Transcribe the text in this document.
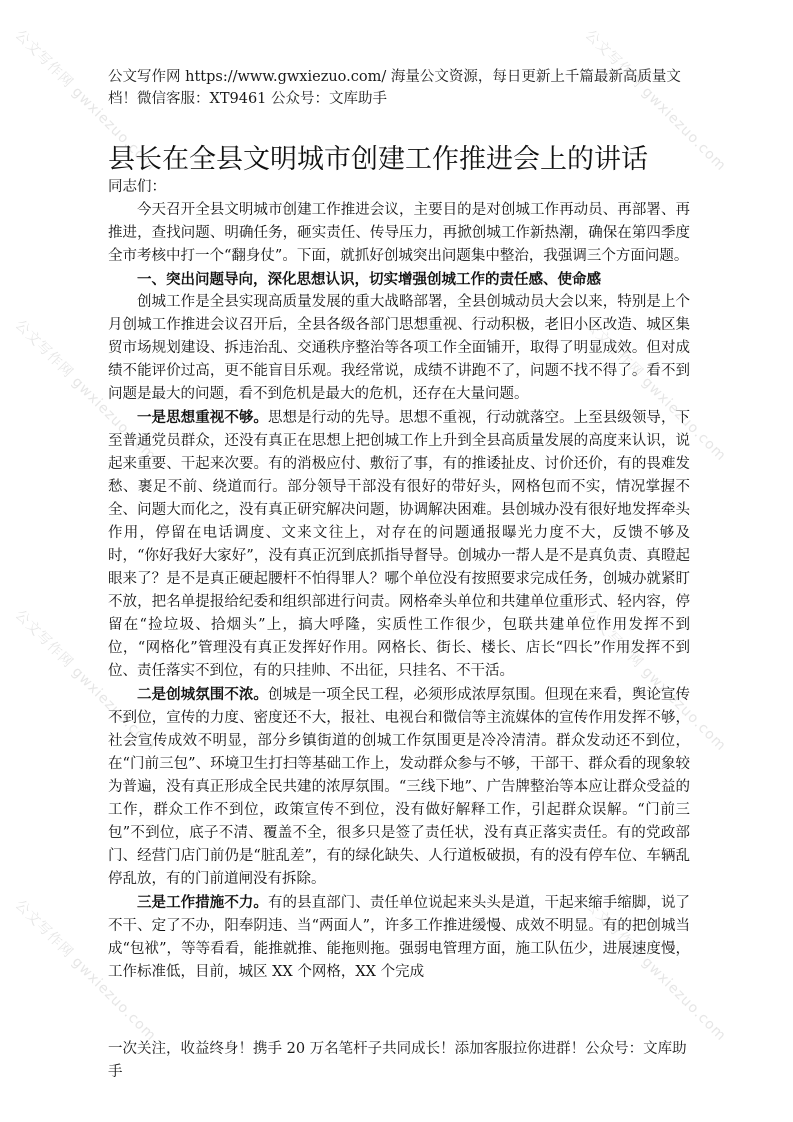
公文写作网 gwxiezuo.com	公文写作网 gwxiezuo.com
公文写作网 gwxiezuo.com	公文写作网 gwxiezuo.com
公文写作网 gwxiezuo.com	公文写作网 gwxiezuo.com
公文写作网 gwxiezuo.com	公文写作网 gwxiezuo.com
公文写作网 https://www.gwxiezuo.com/ 海量公文资源，每日更新上千篇最新高质量文档！微信客服：XT9461 公众号：文库助手
县长在全县文明城市创建工作推进会上的讲话

同志们：

今天召开全县文明城市创建工作推进会议，主要目的是对创城工作再动员、再部署、再推进，查找问题、明确任务，砸实责任、传导压力，再掀创城工作新热潮，确保在第四季度全市考核中打一个“翻身仗”。下面，就抓好创城突出问题集中整治，我强调三个方面问题。

一、突出问题导向，深化思想认识，切实增强创城工作的责任感、使命感

创城工作是全县实现高质量发展的重大战略部署，全县创城动员大会以来，特别是上个月创城工作推进会议召开后，全县各级各部门思想重视、行动积极，老旧小区改造、城区集贸市场规划建设、拆违治乱、交通秩序整治等各项工作全面铺开，取得了明显成效。但对成绩不能评价过高，更不能盲目乐观。我经常说，成绩不讲跑不了，问题不找不得了。看不到问题是最大的问题，看不到危机是最大的危机，还存在大量问题。

一是思想重视不够。思想是行动的先导。思想不重视，行动就落空。上至县级领导，下至普通党员群众，还没有真正在思想上把创城工作上升到全县高质量发展的高度来认识，说起来重要、干起来次要。有的消极应付、敷衍了事，有的推诿扯皮、讨价还价，有的畏难发愁、裹足不前、绕道而行。部分领导干部没有很好的带好头，网格包而不实，情况掌握不全、问题大而化之，没有真正研究解决问题，协调解决困难。县创城办没有很好地发挥牵头作用，停留在电话调度、文来文往上，对存在的问题通报曝光力度不大，反馈不够及时，“你好我好大家好”，没有真正沉到底抓指导督导。创城办一帮人是不是真负责、真瞪起眼来了？是不是真正硬起腰杆不怕得罪人？哪个单位没有按照要求完成任务，创城办就紧盯不放，把名单提报给纪委和组织部进行问责。网格牵头单位和共建单位重形式、轻内容，停留在“捡垃圾、拾烟头”上，搞大呼隆，实质性工作很少，包联共建单位作用发挥不到位，“网格化”管理没有真正发挥好作用。网格长、街长、楼长、店长“四长”作用发挥不到位、责任落实不到位，有的只挂帅、不出征，只挂名、不干活。

二是创城氛围不浓。创城是一项全民工程，必须形成浓厚氛围。但现在来看，舆论宣传不到位，宣传的力度、密度还不大，报社、电视台和微信等主流媒体的宣传作用发挥不够，社会宣传成效不明显，部分乡镇街道的创城工作氛围更是冷冷清清。群众发动还不到位，在“门前三包”、环境卫生打扫等基础工作上，发动群众参与不够，干部干、群众看的现象较为普遍，没有真正形成全民共建的浓厚氛围。“三线下地”、广告牌整治等本应让群众受益的工作，群众工作不到位，政策宣传不到位，没有做好解释工作，引起群众误解。“门前三包”不到位，底子不清、覆盖不全，很多只是签了责任状，没有真正落实责任。有的党政部门、经营门店门前仍是“脏乱差”，有的绿化缺失、人行道板破损，有的没有停车位、车辆乱停乱放，有的门前道闸没有拆除。

三是工作措施不力。有的县直部门、责任单位说起来头头是道，干起来缩手缩脚，说了不干、定了不办，阳奉阴违、当“两面人”，许多工作推进缓慢、成效不明显。有的把创城当成“包袱”，等等看看，能推就推、能拖则拖。强弱电管理方面，施工队伍少，进展速度慢，工作标准低，目前，城区 XX 个网格，XX 个完成

一次关注，收益终身！携手 20 万名笔杆子共同成长！添加客服拉你进群！公众号：文库助手
